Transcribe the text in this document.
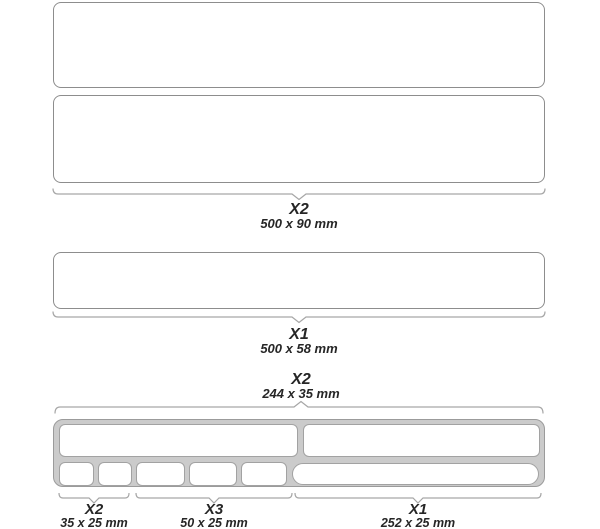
X2
500 x 90 mm
X1
500 x 58 mm
X2
244 x 35 mm
X2
35 x 25 mm
X3
50 x 25 mm
X1
252 x 25 mm
